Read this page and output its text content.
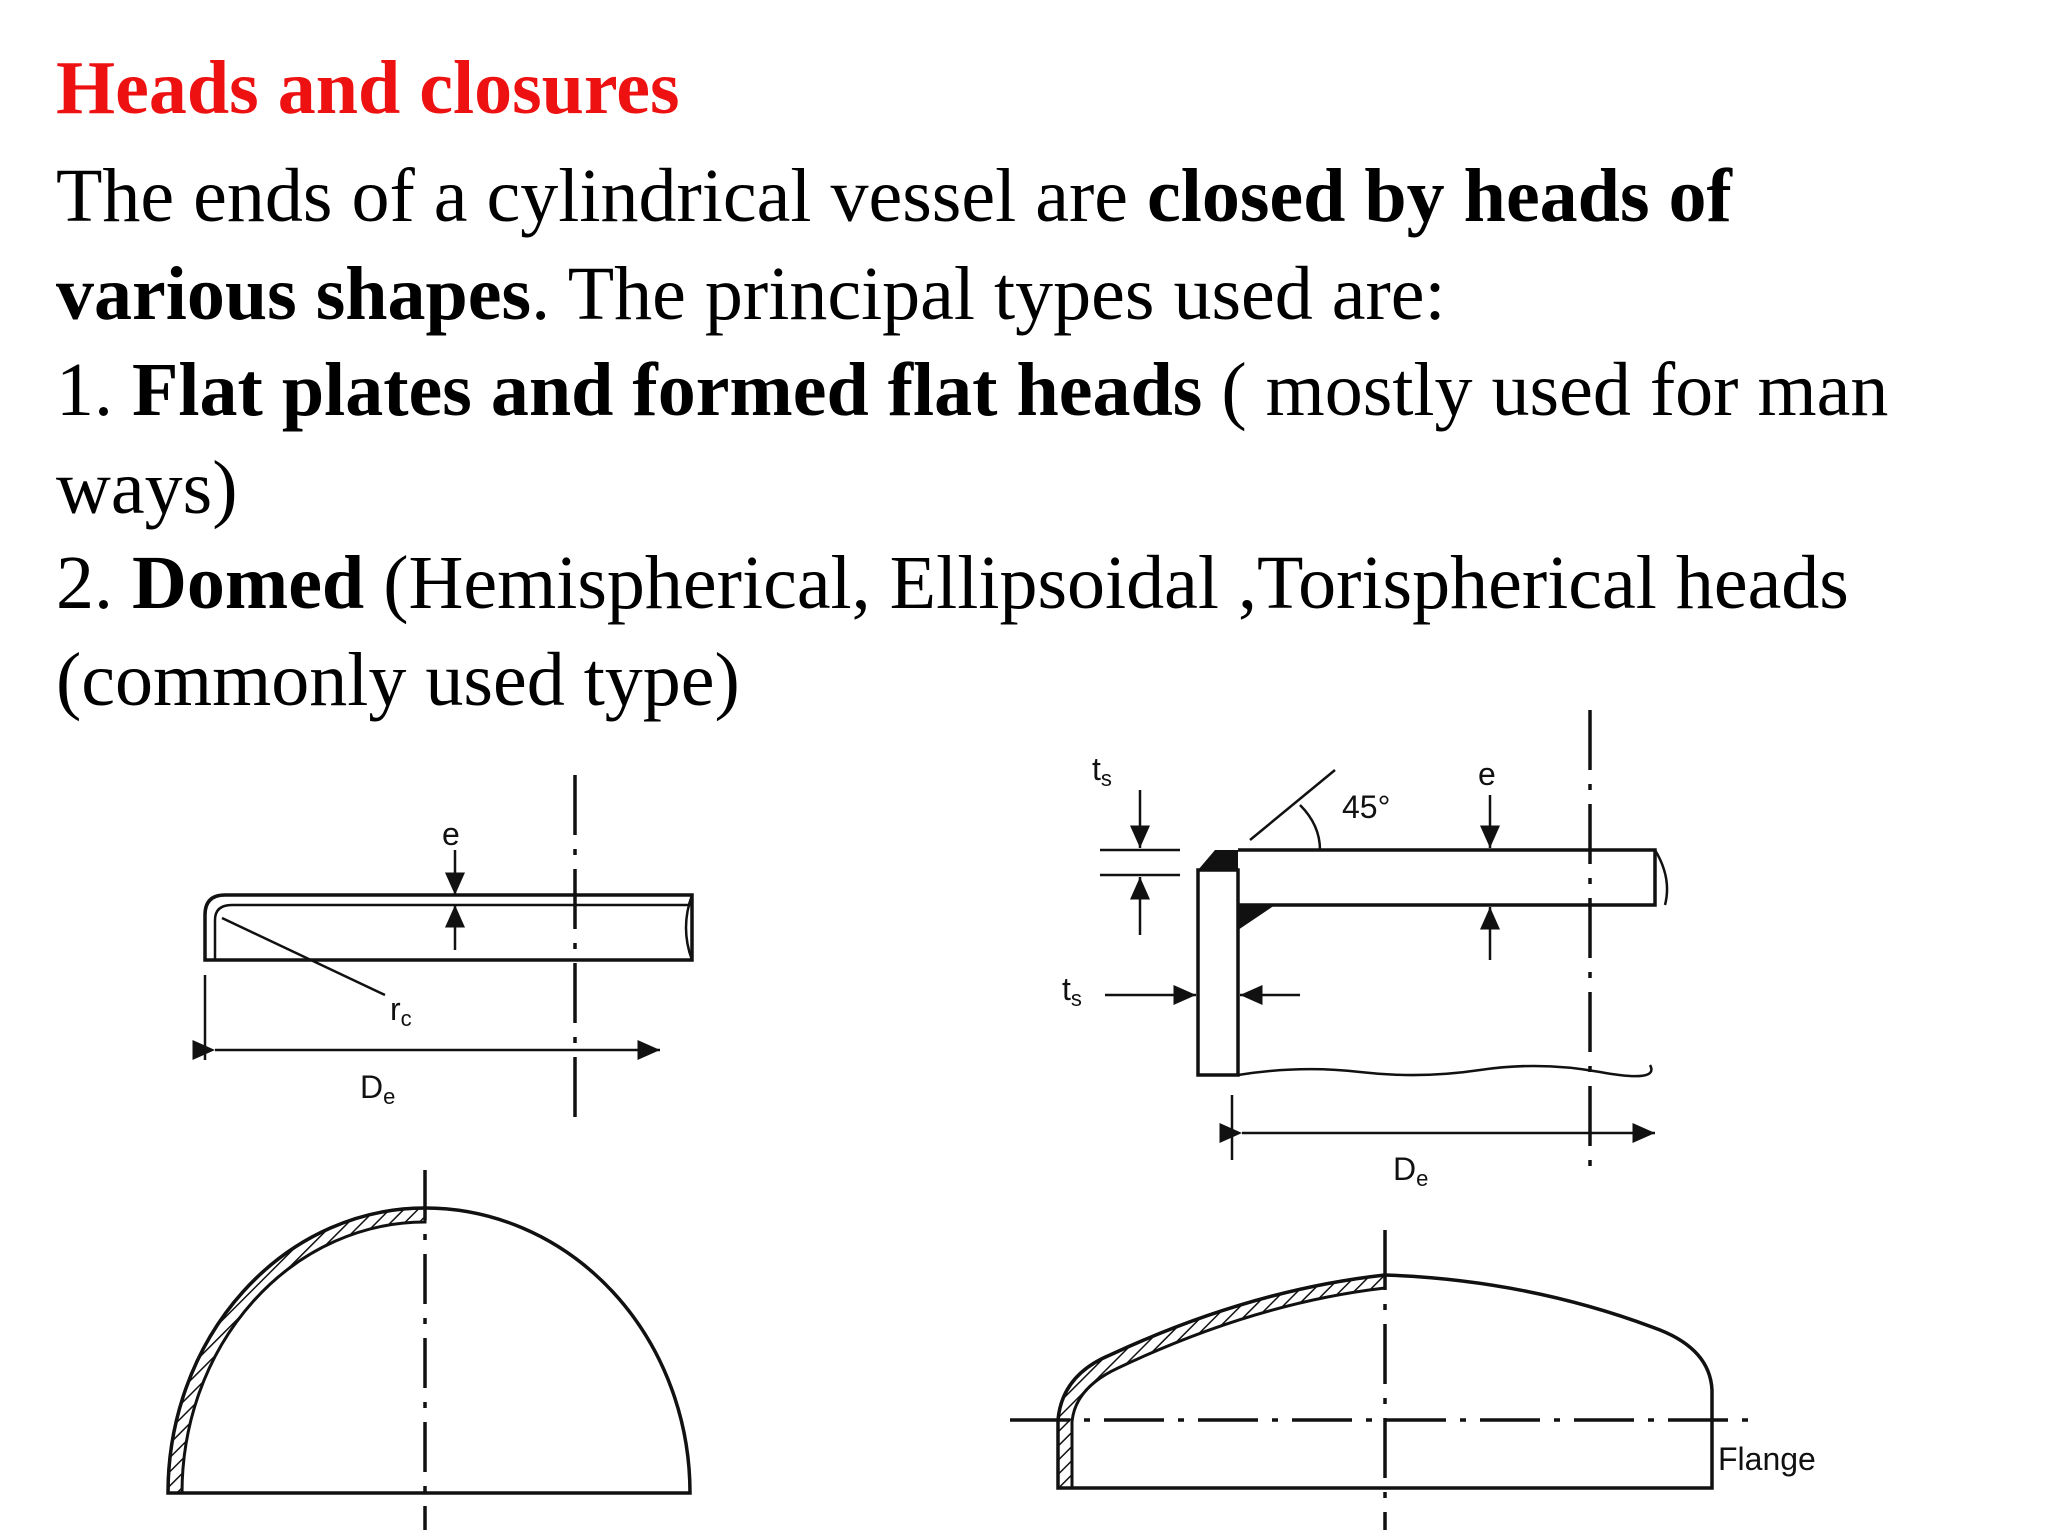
Heads and closures
The ends of a cylindrical vessel are closed by heads of
various shapes. The principal types used are:
1. Flat plates and formed flat heads ( mostly used for man
ways)
2. Domed (Hemispherical, Ellipsoidal ,Torispherical heads
(commonly used type)
e
rc
De
45°
e
ts
ts
De
Flange
